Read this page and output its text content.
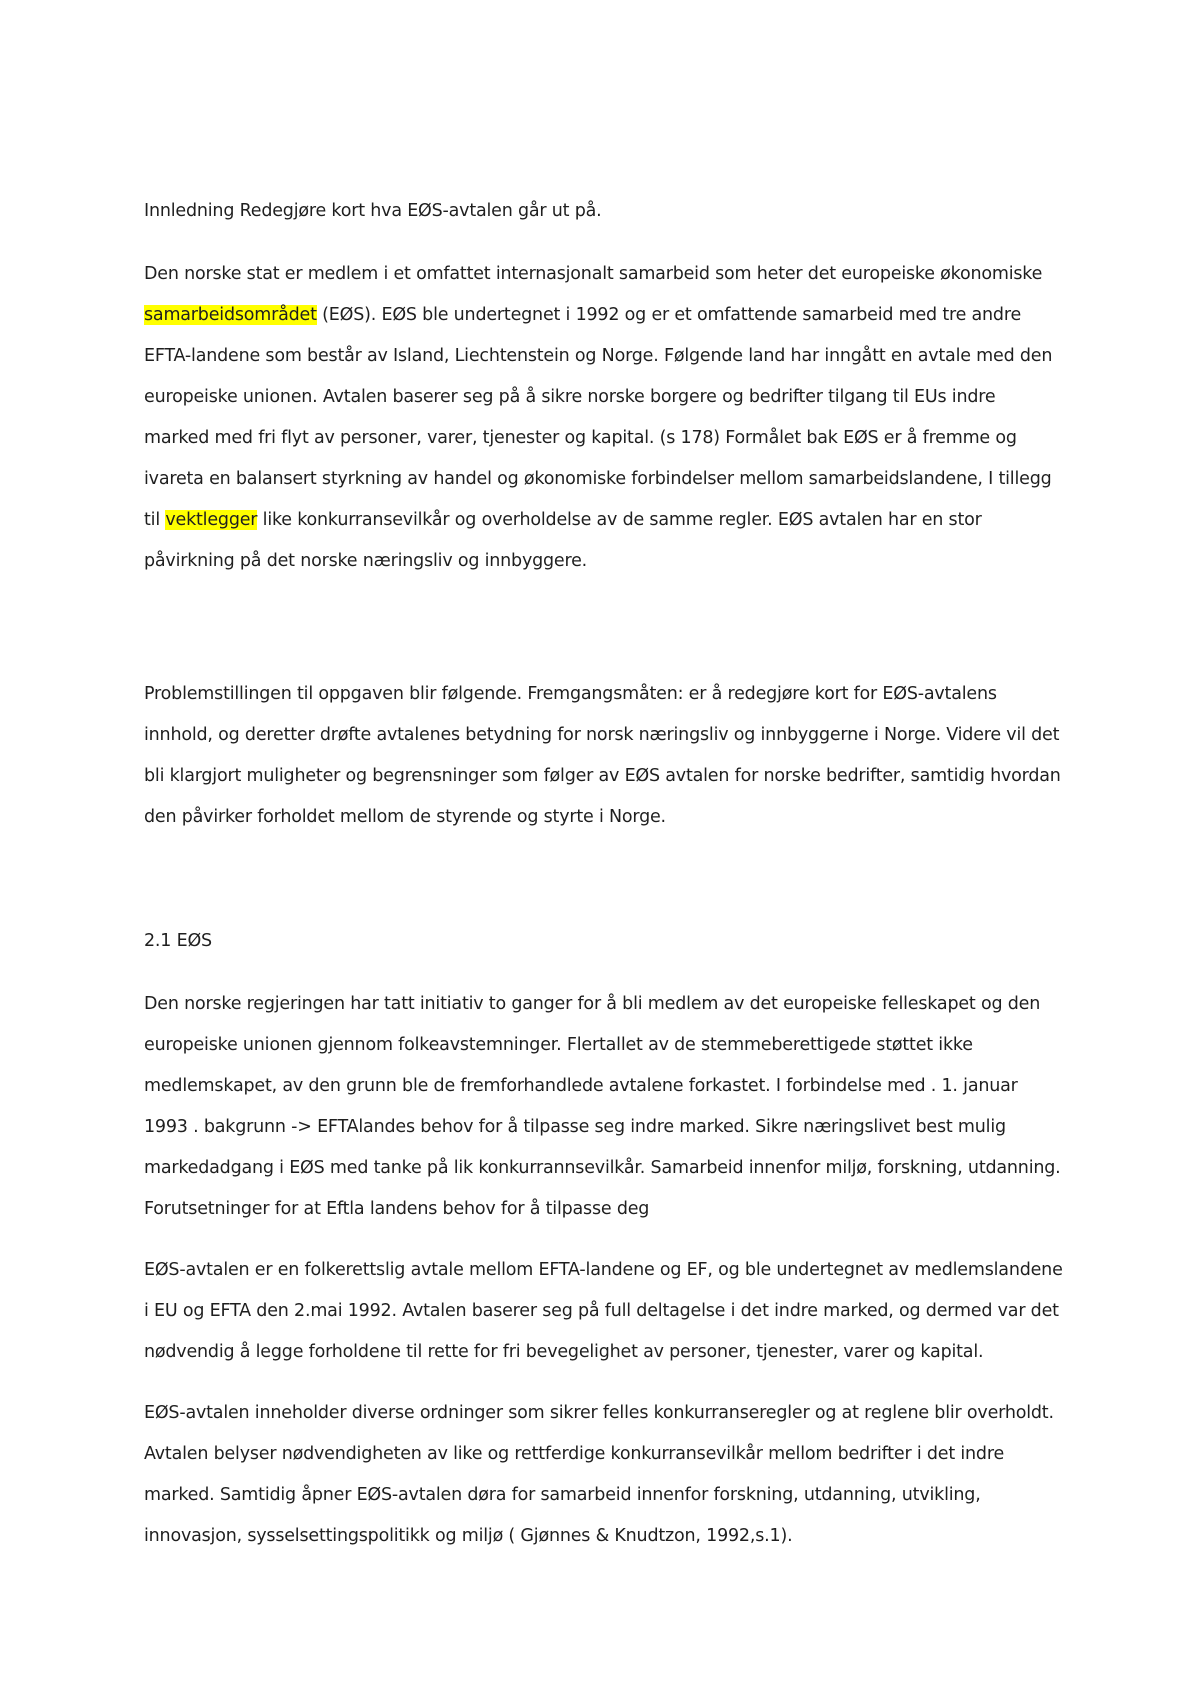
Innledning Redegjøre kort hva EØS-avtalen går ut på.

Den norske stat er medlem i et omfattet internasjonalt samarbeid som heter det europeiske økonomiske samarbeidsområdet (EØS). EØS ble undertegnet i 1992 og er et omfattende samarbeid med tre andre EFTA-landene som består av Island, Liechtenstein og Norge. Følgende land har inngått en avtale med den europeiske unionen. Avtalen baserer seg på å sikre norske borgere og bedrifter tilgang til EUs indre marked med fri flyt av personer, varer, tjenester og kapital. (s 178) Formålet bak EØS er å fremme og ivareta en balansert styrkning av handel og økonomiske forbindelser mellom samarbeidslandene, I tillegg til vektlegger like konkurransevilkår og overholdelse av de samme regler. EØS avtalen har en stor påvirkning på det norske næringsliv og innbyggere.

Problemstillingen til oppgaven blir følgende. Fremgangsmåten: er å redegjøre kort for EØS-avtalens innhold, og deretter drøfte avtalenes betydning for norsk næringsliv og innbyggerne i Norge. Videre vil det bli klargjort muligheter og begrensninger som følger av EØS avtalen for norske bedrifter, samtidig hvordan den påvirker forholdet mellom de styrende og styrte i Norge.

2.1 EØS

Den norske regjeringen har tatt initiativ to ganger for å bli medlem av det europeiske felleskapet og den europeiske unionen gjennom folkeavstemninger. Flertallet av de stemmeberettigede støttet ikke medlemskapet, av den grunn ble de fremforhandlede avtalene forkastet. I forbindelse med . 1. januar 1993 . bakgrunn -> EFTAlandes behov for å tilpasse seg indre marked. Sikre næringslivet best mulig markedadgang i EØS med tanke på lik konkurrannsevilkår. Samarbeid innenfor miljø, forskning, utdanning. Forutsetninger for at Eftla landens behov for å tilpasse deg

EØS-avtalen er en folkerettslig avtale mellom EFTA-landene og EF, og ble undertegnet av medlemslandene i EU og EFTA den 2.mai 1992. Avtalen baserer seg på full deltagelse i det indre marked, og dermed var det nødvendig å legge forholdene til rette for fri bevegelighet av personer, tjenester, varer og kapital.

EØS-avtalen inneholder diverse ordninger som sikrer felles konkurranseregler og at reglene blir overholdt. Avtalen belyser nødvendigheten av like og rettferdige konkurransevilkår mellom bedrifter i det indre marked. Samtidig åpner EØS-avtalen døra for samarbeid innenfor forskning, utdanning, utvikling, innovasjon, sysselsettingspolitikk og miljø ( Gjønnes & Knudtzon, 1992,s.1).
